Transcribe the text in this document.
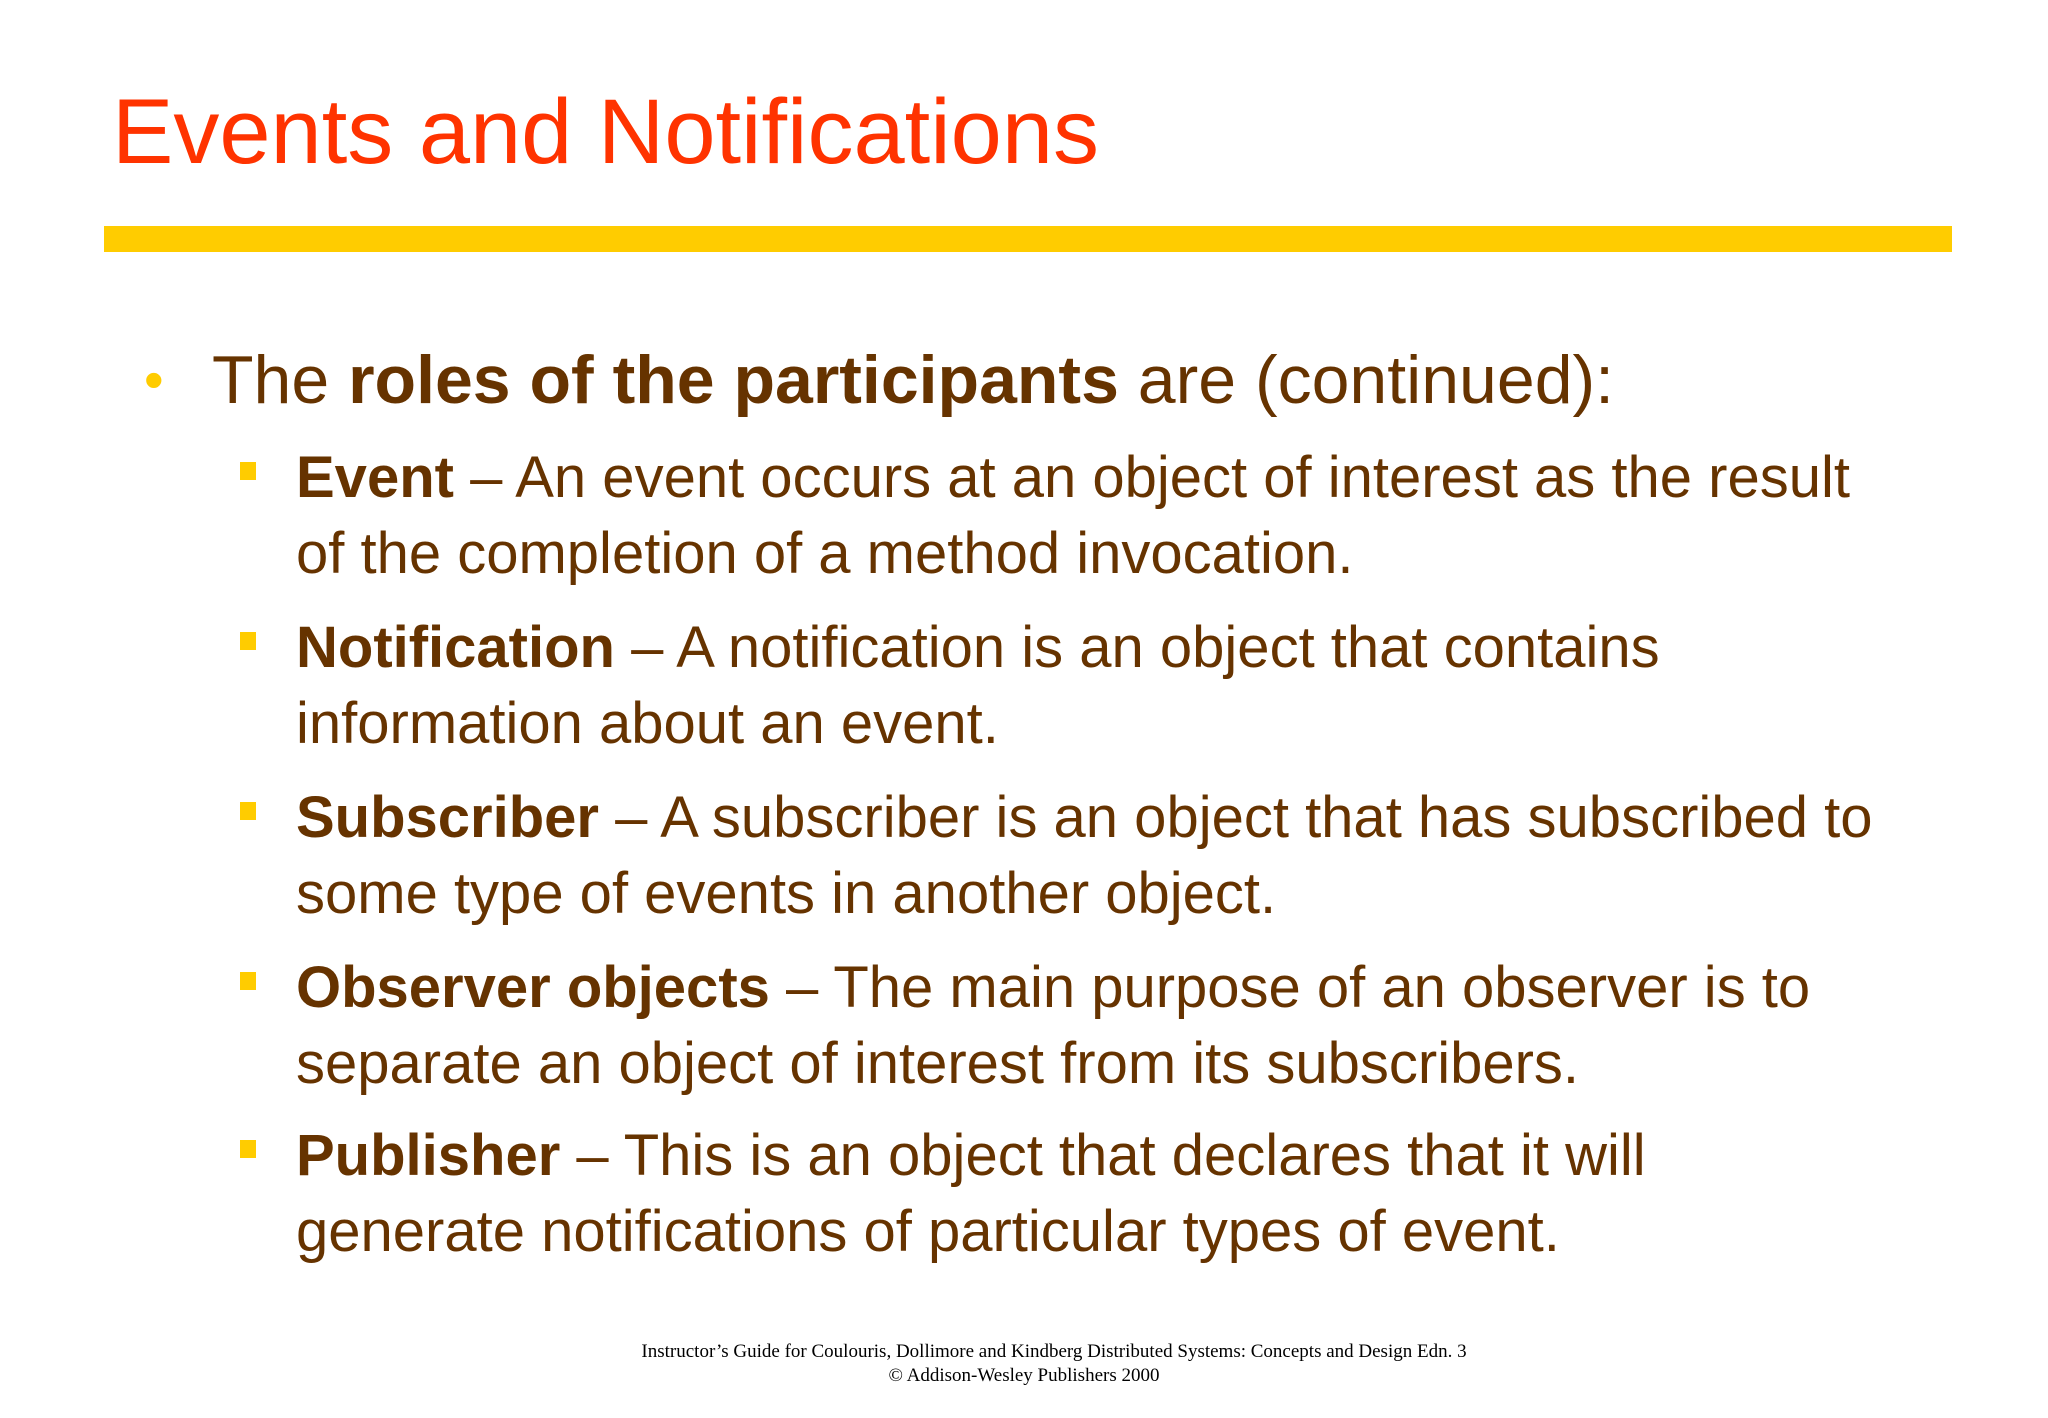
Events and Notifications
• The roles of the participants are (continued):
Event – An event occurs at an object of interest as the result of the completion of a method invocation.
Notification – A notification is an object that contains information about an event.
Subscriber – A subscriber is an object that has subscribed to some type of events in another object.
Observer objects – The main purpose of an observer is to separate an object of interest from its subscribers.
Publisher – This is an object that declares that it will generate notifications of particular types of event.
Instructor’s Guide for Coulouris, Dollimore and Kindberg Distributed Systems: Concepts and Design Edn. 3
© Addison-Wesley Publishers 2000
